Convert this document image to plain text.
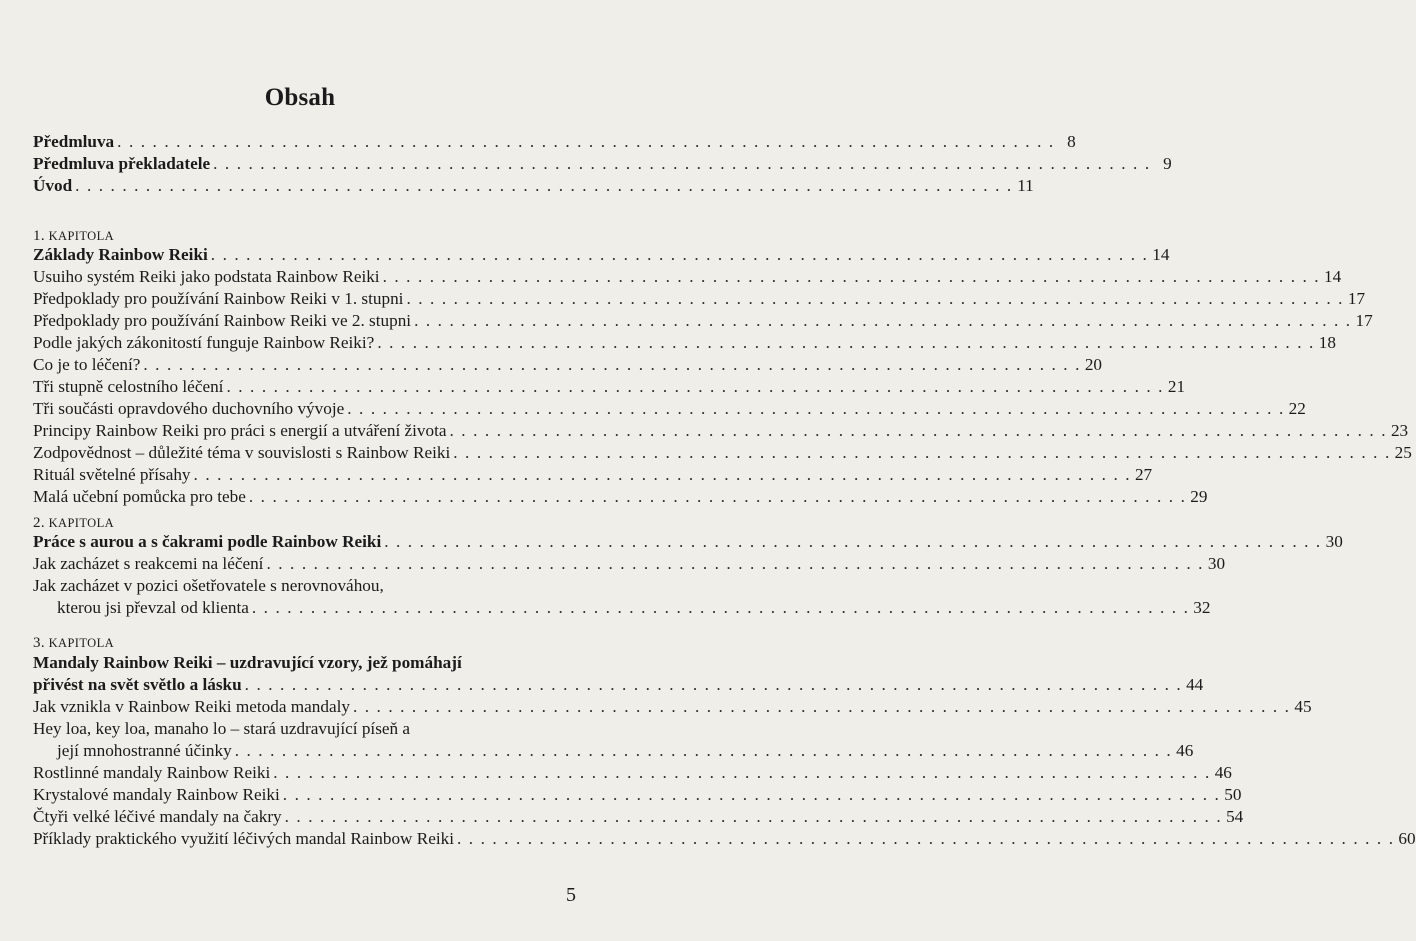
Obsah
Předmluva . . . . . . . . . . . . . . . . . . . . . . . . . . . . . . . . . . . . . . . . . . . . . . . . . . . . . . . . . . . . . . . . . . . . . . . . . . . . . . . . 8
Předmluva překladatele . . . . . . . . . . . . . . . . . . . . . . . . . . . . . . . . . . . . . . . . . . . . . . . . . . . . . . . . . . . . . . . . . . . . . . . . . . . . . . . . 9
Úvod . . . . . . . . . . . . . . . . . . . . . . . . . . . . . . . . . . . . . . . . . . . . . . . . . . . . . . . . . . . . . . . . . . . . . . . . . . . . . . . . 11
1. KAPITOLA
Základy Rainbow Reiki . . . . . . . . . . . . . . . . . . . . . . . . . . . . . . . . . . . . . . . . . . . . . . . . . . . . . . . . . . . . . . . . . . . . . . . . . . . . . . . . 14
Usuiho systém Reiki jako podstata Rainbow Reiki . . . . . . . . . . . . . . . . . . . . . . . . . . . . . . . . . . . . . . . . . . . . . . . . . . . . . . . . . . . . . . . . . . . . . . . . . . . . . . . . 14
Předpoklady pro používání Rainbow Reiki v 1. stupni . . . . . . . . . . . . . . . . . . . . . . . . . . . . . . . . . . . . . . . . . . . . . . . . . . . . . . . . . . . . . . . . . . . . . . . . . . . . . . . . 17
Předpoklady pro používání Rainbow Reiki ve 2. stupni . . . . . . . . . . . . . . . . . . . . . . . . . . . . . . . . . . . . . . . . . . . . . . . . . . . . . . . . . . . . . . . . . . . . . . . . . . . . . . . . 17
Podle jakých zákonitostí funguje Rainbow Reiki? . . . . . . . . . . . . . . . . . . . . . . . . . . . . . . . . . . . . . . . . . . . . . . . . . . . . . . . . . . . . . . . . . . . . . . . . . . . . . . . . 18
Co je to léčení? . . . . . . . . . . . . . . . . . . . . . . . . . . . . . . . . . . . . . . . . . . . . . . . . . . . . . . . . . . . . . . . . . . . . . . . . . . . . . . . . 20
Tři stupně celostního léčení . . . . . . . . . . . . . . . . . . . . . . . . . . . . . . . . . . . . . . . . . . . . . . . . . . . . . . . . . . . . . . . . . . . . . . . . . . . . . . . . 21
Tři součásti opravdového duchovního vývoje . . . . . . . . . . . . . . . . . . . . . . . . . . . . . . . . . . . . . . . . . . . . . . . . . . . . . . . . . . . . . . . . . . . . . . . . . . . . . . . . 22
Principy Rainbow Reiki pro práci s energií a utváření života . . . . . . . . . . . . . . . . . . . . . . . . . . . . . . . . . . . . . . . . . . . . . . . . . . . . . . . . . . . . . . . . . . . . . . . . . . . . . . . . 23
Zodpovědnost – důležité téma v souvislosti s Rainbow Reiki . . . . . . . . . . . . . . . . . . . . . . . . . . . . . . . . . . . . . . . . . . . . . . . . . . . . . . . . . . . . . . . . . . . . . . . . . . . . . . . . 25
Rituál světelné přísahy . . . . . . . . . . . . . . . . . . . . . . . . . . . . . . . . . . . . . . . . . . . . . . . . . . . . . . . . . . . . . . . . . . . . . . . . . . . . . . . . 27
Malá učební pomůcka pro tebe . . . . . . . . . . . . . . . . . . . . . . . . . . . . . . . . . . . . . . . . . . . . . . . . . . . . . . . . . . . . . . . . . . . . . . . . . . . . . . . . 29
2. KAPITOLA
Práce s aurou a s čakrami podle Rainbow Reiki . . . . . . . . . . . . . . . . . . . . . . . . . . . . . . . . . . . . . . . . . . . . . . . . . . . . . . . . . . . . . . . . . . . . . . . . . . . . . . . . 30
Jak zacházet s reakcemi na léčení . . . . . . . . . . . . . . . . . . . . . . . . . . . . . . . . . . . . . . . . . . . . . . . . . . . . . . . . . . . . . . . . . . . . . . . . . . . . . . . . 30
Jak zacházet v pozici ošetřovatele s nerovnováhou,
kterou jsi převzal od klienta . . . . . . . . . . . . . . . . . . . . . . . . . . . . . . . . . . . . . . . . . . . . . . . . . . . . . . . . . . . . . . . . . . . . . . . . . . . . . . . . 32
3. KAPITOLA
Mandaly Rainbow Reiki – uzdravující vzory, jež pomáhají
přivést na svět světlo a lásku . . . . . . . . . . . . . . . . . . . . . . . . . . . . . . . . . . . . . . . . . . . . . . . . . . . . . . . . . . . . . . . . . . . . . . . . . . . . . . . . 44
Jak vznikla v Rainbow Reiki metoda mandaly . . . . . . . . . . . . . . . . . . . . . . . . . . . . . . . . . . . . . . . . . . . . . . . . . . . . . . . . . . . . . . . . . . . . . . . . . . . . . . . . 45
Hey loa, key loa, manaho lo – stará uzdravující píseň a
její mnohostranné účinky . . . . . . . . . . . . . . . . . . . . . . . . . . . . . . . . . . . . . . . . . . . . . . . . . . . . . . . . . . . . . . . . . . . . . . . . . . . . . . . . 46
Rostlinné mandaly Rainbow Reiki . . . . . . . . . . . . . . . . . . . . . . . . . . . . . . . . . . . . . . . . . . . . . . . . . . . . . . . . . . . . . . . . . . . . . . . . . . . . . . . . 46
Krystalové mandaly Rainbow Reiki . . . . . . . . . . . . . . . . . . . . . . . . . . . . . . . . . . . . . . . . . . . . . . . . . . . . . . . . . . . . . . . . . . . . . . . . . . . . . . . . 50
Čtyři velké léčivé mandaly na čakry . . . . . . . . . . . . . . . . . . . . . . . . . . . . . . . . . . . . . . . . . . . . . . . . . . . . . . . . . . . . . . . . . . . . . . . . . . . . . . . . 54
Příklady praktického využití léčivých mandal Rainbow Reiki . . . . . . . . . . . . . . . . . . . . . . . . . . . . . . . . . . . . . . . . . . . . . . . . . . . . . . . . . . . . . . . . . . . . . . . . . . . . . . . . 60
5
